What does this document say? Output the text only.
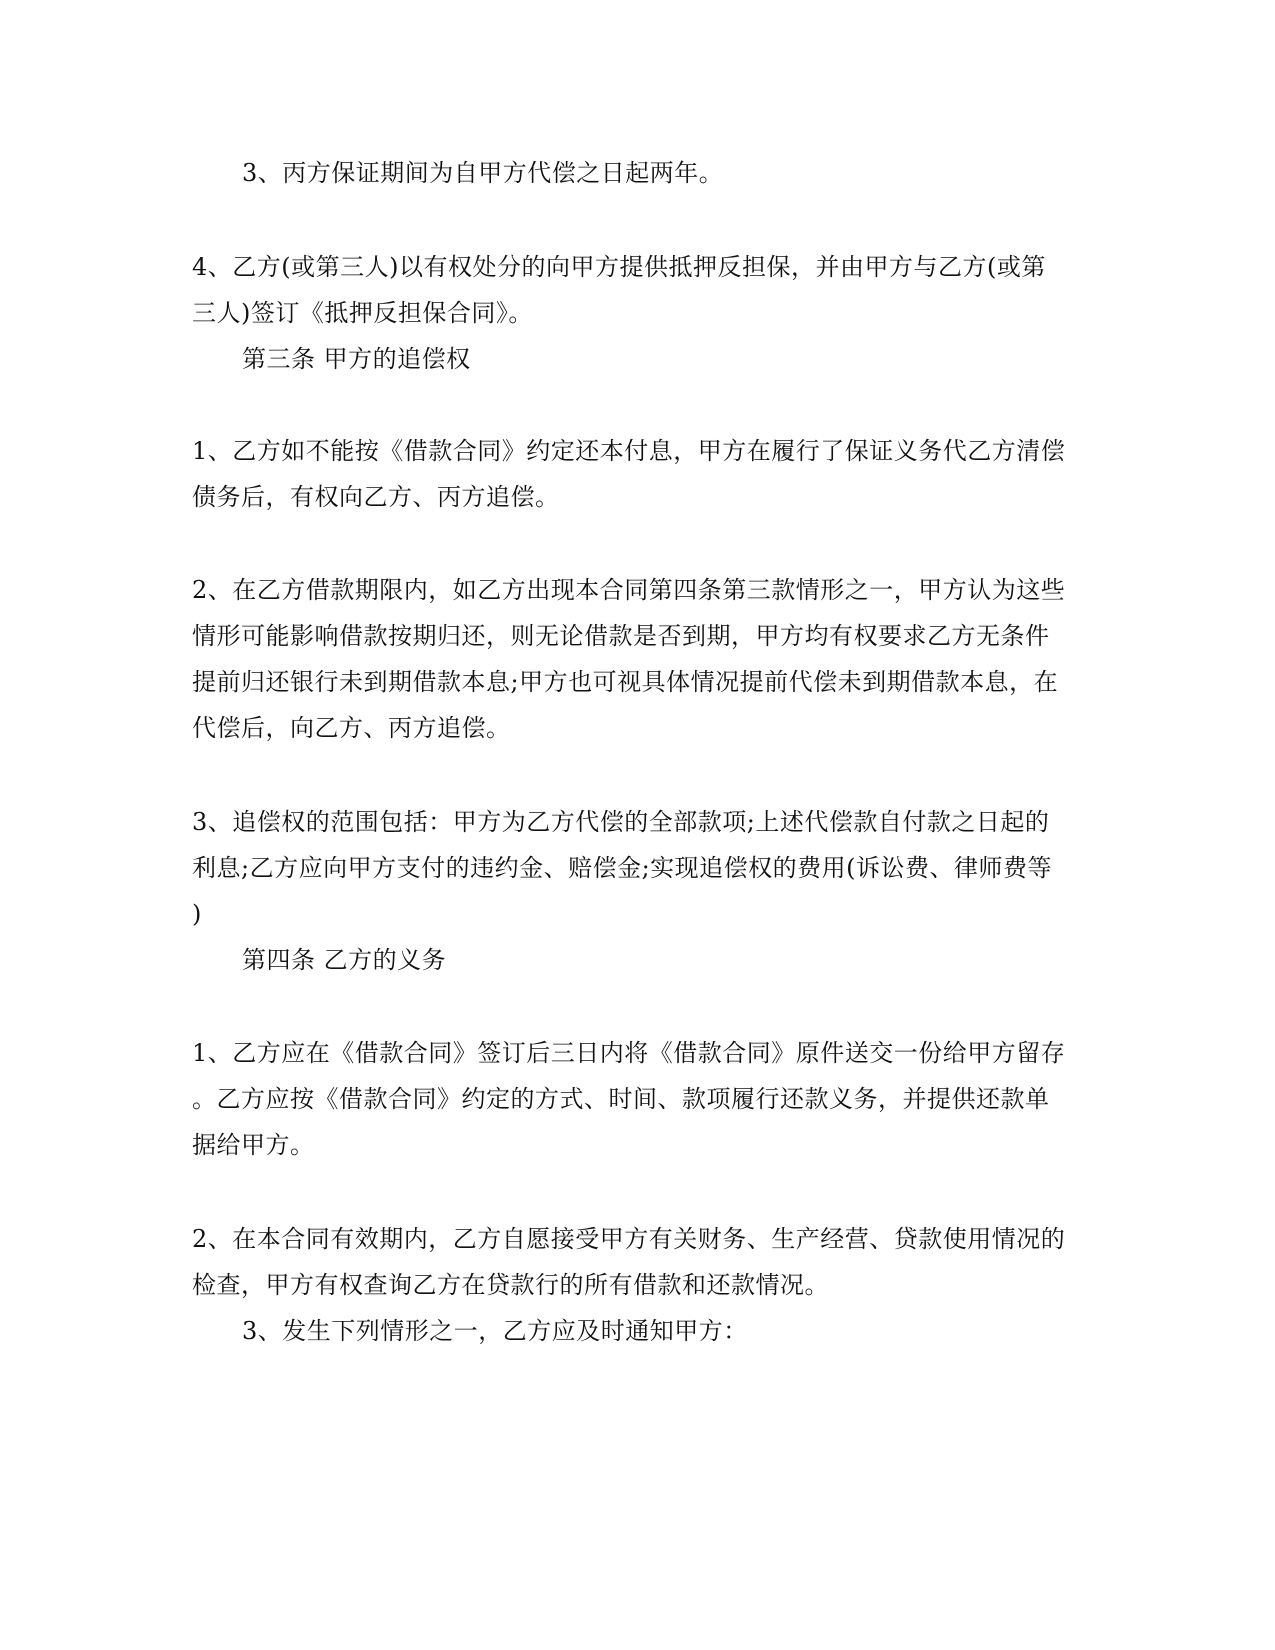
3、丙方保证期间为自甲方代偿之日起两年。
4、乙方(或第三人)以有权处分的向甲方提供抵押反担保，并由甲方与乙方(或第
三人)签订《抵押反担保合同》。
第三条 甲方的追偿权
1、乙方如不能按《借款合同》约定还本付息，甲方在履行了保证义务代乙方清偿
债务后，有权向乙方、丙方追偿。
2、在乙方借款期限内，如乙方出现本合同第四条第三款情形之一，甲方认为这些
情形可能影响借款按期归还，则无论借款是否到期，甲方均有权要求乙方无条件
提前归还银行未到期借款本息;甲方也可视具体情况提前代偿未到期借款本息，在
代偿后，向乙方、丙方追偿。
3、追偿权的范围包括：甲方为乙方代偿的全部款项;上述代偿款自付款之日起的
利息;乙方应向甲方支付的违约金、赔偿金;实现追偿权的费用(诉讼费、律师费等
)
第四条 乙方的义务
1、乙方应在《借款合同》签订后三日内将《借款合同》原件送交一份给甲方留存
。乙方应按《借款合同》约定的方式、时间、款项履行还款义务，并提供还款单
据给甲方。
2、在本合同有效期内，乙方自愿接受甲方有关财务、生产经营、贷款使用情况的
检查，甲方有权查询乙方在贷款行的所有借款和还款情况。
3、发生下列情形之一，乙方应及时通知甲方：
